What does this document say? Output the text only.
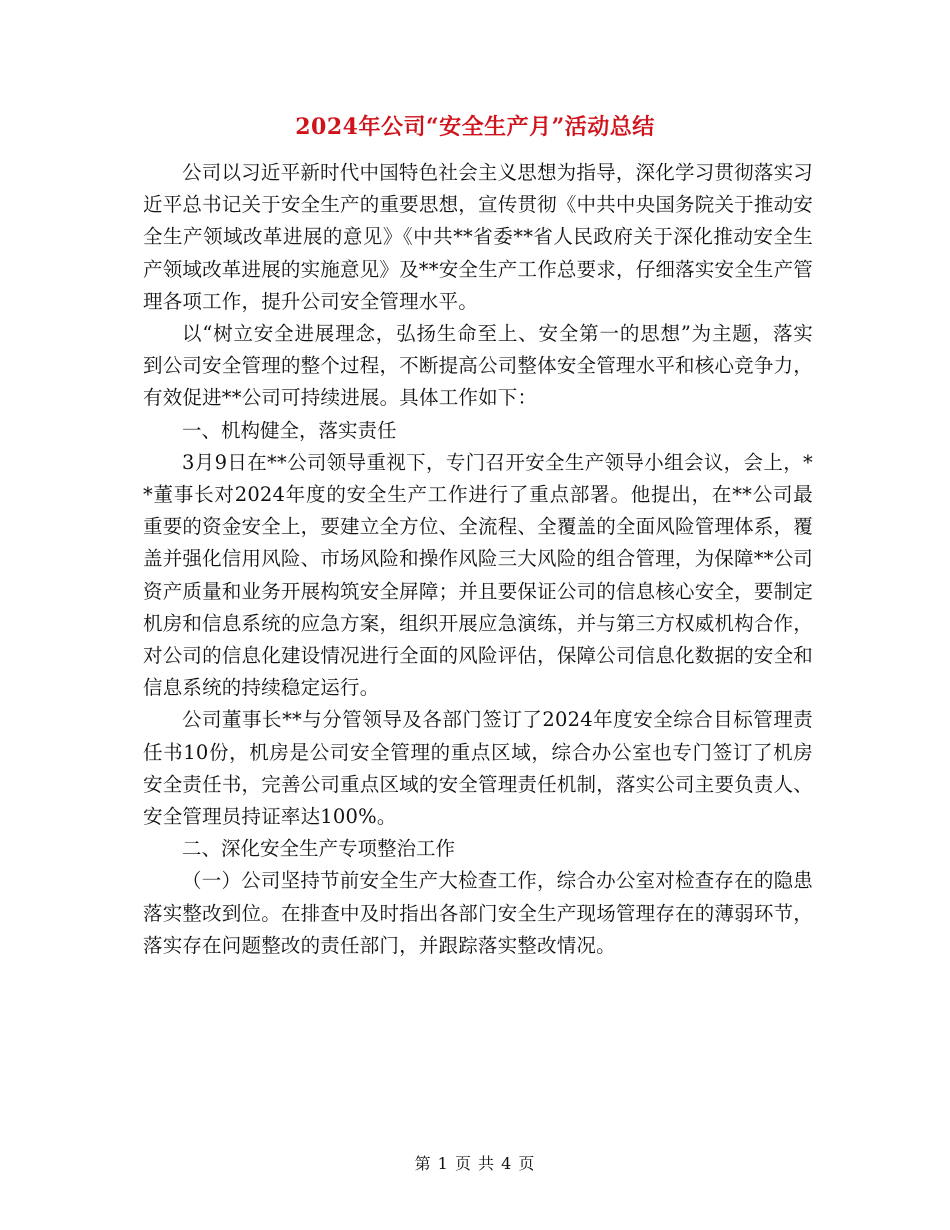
2024年公司“安全生产月”活动总结

公司以习近平新时代中国特色社会主义思想为指导，深化学习贯彻落实习近平总书记关于安全生产的重要思想，宣传贯彻《中共中央国务院关于推动安全生产领域改革进展的意见》《中共**省委**省人民政府关于深化推动安全生产领域改革进展的实施意见》及**安全生产工作总要求，仔细落实安全生产管理各项工作，提升公司安全管理水平。

以“树立安全进展理念，弘扬生命至上、安全第一的思想”为主题，落实到公司安全管理的整个过程，不断提高公司整体安全管理水平和核心竞争力，有效促进**公司可持续进展。具体工作如下：

一、机构健全，落实责任

3月9日在**公司领导重视下，专门召开安全生产领导小组会议，会上，**董事长对2024年度的安全生产工作进行了重点部署。他提出，在**公司最重要的资金安全上，要建立全方位、全流程、全覆盖的全面风险管理体系，覆盖并强化信用风险、市场风险和操作风险三大风险的组合管理，为保障**公司资产质量和业务开展构筑安全屏障；并且要保证公司的信息核心安全，要制定机房和信息系统的应急方案，组织开展应急演练，并与第三方权威机构合作，对公司的信息化建设情况进行全面的风险评估，保障公司信息化数据的安全和信息系统的持续稳定运行。

公司董事长**与分管领导及各部门签订了2024年度安全综合目标管理责任书10份，机房是公司安全管理的重点区域，综合办公室也专门签订了机房安全责任书，完善公司重点区域的安全管理责任机制，落实公司主要负责人、安全管理员持证率达100%。

二、深化安全生产专项整治工作

（一）公司坚持节前安全生产大检查工作，综合办公室对检查存在的隐患落实整改到位。在排查中及时指出各部门安全生产现场管理存在的薄弱环节，落实存在问题整改的责任部门，并跟踪落实整改情况。

第 1 页 共 4 页
